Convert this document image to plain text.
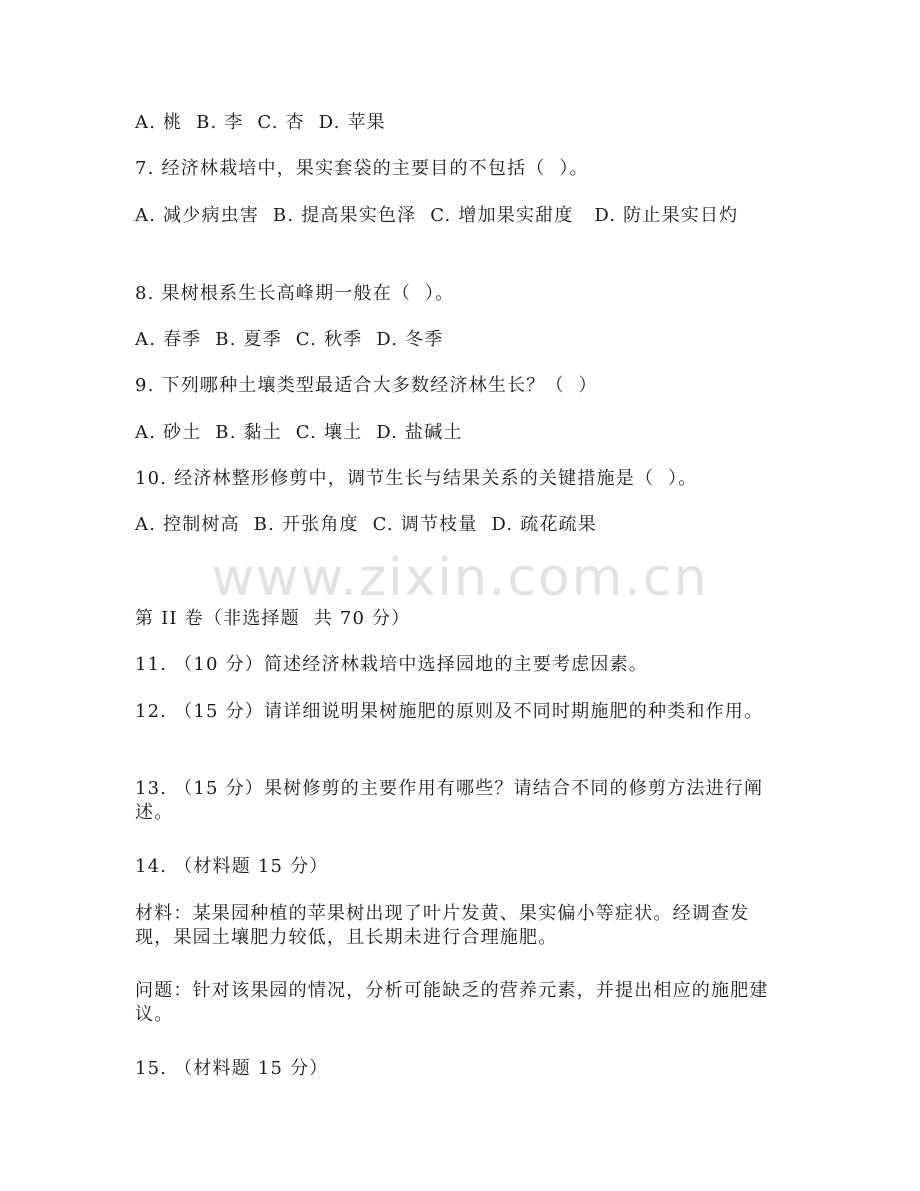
A. 桃  B. 李  C. 杏  D. 苹果
7. 经济林栽培中，果实套袋的主要目的不包括（  ）。
A. 减少病虫害  B. 提高果实色泽  C. 增加果实甜度   D. 防止果实日灼
8. 果树根系生长高峰期一般在（  ）。
A. 春季  B. 夏季  C. 秋季  D. 冬季
9. 下列哪种土壤类型最适合大多数经济林生长？（  ）
A. 砂土  B. 黏土  C. 壤土  D. 盐碱土
10. 经济林整形修剪中，调节生长与结果关系的关键措施是（  ）。
A. 控制树高  B. 开张角度  C. 调节枝量  D. 疏花疏果
www.zixin.com.cn
第 II 卷（非选择题  共 70 分）
11. （10 分）简述经济林栽培中选择园地的主要考虑因素。
12. （15 分）请详细说明果树施肥的原则及不同时期施肥的种类和作用。
13. （15 分）果树修剪的主要作用有哪些？请结合不同的修剪方法进行阐述。
14. （材料题 15 分）
材料：某果园种植的苹果树出现了叶片发黄、果实偏小等症状。经调查发现，果园土壤肥力较低，且长期未进行合理施肥。
问题：针对该果园的情况，分析可能缺乏的营养元素，并提出相应的施肥建议。
15. （材料题 15 分）
